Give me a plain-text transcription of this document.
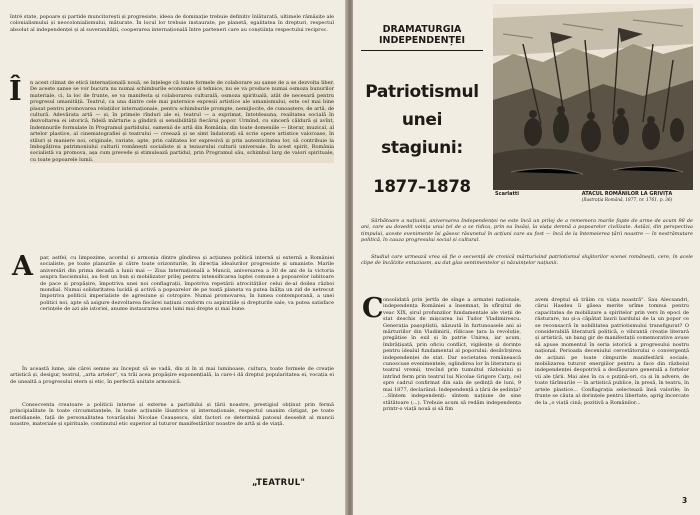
întré state, popoare și partide muncitorești și progresiste, ideea de dominație trebuie definitiv înlăturată, ultimele rămășițe ale colonialismului și neocolonialismului, măturate. În locul lor trebuie instaurate, pe planetă, egalitatea în drepturi, respectul absolut al independenței și al suveranității, cooperarea internațională între parteneri care au conștiința respectului reciproc.

Î n acest climat de etică internațională nouă, se înțelege că toate formele de colaborare au șanse de a se dezvolta liber. De aceste șanse se vor bucura nu numai schimburile economice și tehnice, nu se va produce numai osmoza bunurilor materiale, ci, la loc de frunte, se va manifesta și colaborarea culturală, osmoza spirituală, atât de necesară pentru progresul umanității. Teatrul, ca una dintre cele mai puternice expresii artistice ale umanismului, este cel mai bine plasat pentru promovarea relațiilor internaționale, pentru schimburile prompte, nemijlocite, de cunoaștere, de artă, de cultură. Adevărata artă — și, în primele rînduri ale ei, teatrul — a exprimat, întotdeauna, realitatea socială în dezvoltarea ei istorică, fidelă mărturie a gîndirii și sensibilității fiecărui popor. Urmînd, cu sinceră căldură și avînt, îndemnurile formulate în Programul partidului, oamenii de artă din România, din toate domeniile — literar, muzical, al artelor plastice, al cinematografiei și teatrului — creează și se simt îndatorați să scrie opere artistice valoroase, în stiluri și maniere noi, originale, variate, apte, prin calitatea lor expresivă și prin autenticitatea lor, să contribuie la îmbogățirea patrimoniului culturii românești socialiste și a tezaurului culturii universale. În acest spirit, România socialistă va promova, așa cum prevede și stimulează partidul, prin Programul său, schimbul larg de valori spirituale, cu toate popoarele lumii.

A par, astfel, cu limpezime, acordul și armonia dintre gîndirea și acțiunea politică internă și externă a României socialiste, pe toate planurile și către toate orizonturile, în direcția idealurilor progresiste și umaniste. Marile aniversări din prima decadă a lunii mai — Ziua Internațională a Muncii, aniversarea a 30 de ani de la victoria asupra fascismului, au fost un bun și mobilizator prilej pentru intensificarea luptei comune a popoarelor iubitoare de pace și propășire, împotriva unei noi conflagrații, împotriva repetării atrocităților celui de-al doilea război mondial. Numai solidaritatea lucidă și activă a popoarelor de pe toată planeta va putea înălța un zid de netrecut împotriva politicii imperialiste de agresiune și cotropire. Numai promovarea, în lumea contemporană, a unei politici noi, apte să asigure dezvoltarea fiecărei națiuni conform cu aspirațiile și drepturile sale, va putea satisface cerințele de azi ale istoriei, anume instaurarea unei lumi mai drepte și mai bune.

În această lume, ale cărei semne au început să se vadă, din zi în zi mai luminoase, cultura, toate formele de creație artistică și, desigur, teatrul, „arta artelor", va trăi acea propășire exponențială, la care-i dă dreptul popularitatea ei, vocația ei de unealtă a progresului etern și etic, în perfectă unitate armonică.

Consecventa creatoare a politicii interne și externe a partidului și țării noastre, prestigiul obținut prin fermă principialitate în toate circumstanțele, în toate acțiunile lăuntrice și internaționale, respectul unanim cîștigat, pe toate meridianele, față de personalitatea tovarășului Nicolae Ceaușescu, sînt factori ce determină patosul deosebit al muncii noastre, materiale și spirituale, continutul etic superior al tuturor manifestărilor noastre de artă și de viață.

„TEATRUL"
DRAMATURGIA
INDEPENDENȚEI

Patriotismul

unei

stagiuni:

1877–1878	Scarlatti	ATACUL ROMÂNILOR LA GRIVIȚA
(Ilustrația Română, 1877, nr. 1761, p. 36)

Sărbătoare a națiunii, aniversarea Independenței ne este încă un prilej de a rememora marile fapte de arme de acum 98 de ani, care au dovedit voința unui țel de a se ridica, prin ea însăși, la viața demnă a popoarelor civilizate. Astăzi, din perspectiva timpului, aceste evenimente își găsesc răsunetul în acțiuni care au fost — încă de la întemeierea țării noastre — în nestrămutare politică, în cauza progresului social și cultural.

Studiul care urmează vrea să fie o secvență de cronică mărturisind patriotismul slujitorilor scenei românești, cere, în acele clipe de încălzite entuziasm, au dat glas sentimentelor și năzuințelor națiunii.

C onsolidată prin jertfa de sînge a armatei naționale, independența României a însemnat, în sfîrșitul de veac XIX, șirul profunzilor fundamentale ale vieții de stat deschis de mișcarea lui Tudor Vladimirescu. Generația pașoptiștii, năzuută în furtunoasele ani ai mărturiilor din Vladimirii, rîdicase țara la revoluție, pregătise în exil și în patrie Unirea, iar acum, îmbrățișată, prin oficiu conflict, vigilențe și dorințe pentru idealul fundamental al poporului: desăvîrșirea independenței de stat. Dar societatea românească cunoscuse evenimentele, oglindirea lor în literatura și teatrul vremii, trecînd prin tumultul războiului și intrînd ferm prin teatrul lui Nicolae Grigore Carp, cel spre cadrul confirmat din sala de ședință de luni, 9 mai 1877, declarând: Independență a țării de ședința? ...Sîntem independenți: sîntem națiune de sine stătătoare (...). Trebuie acum să redăm independența printr-o viață nouă și să fim

avem dreptul să trăim cu viața noastră". Sau Alecsandri, cărui Hasdeu îi găsea merite urîme tomnui pentru capacitatea de mobilizare a spiritelor prin vers în epoci de răsturare, nu și-a căpătat laurii bardului de la un popor ce se reconsacră în nobilitatea patriotismului transfigurat? O considerabilă literatură politică, o vibrantă creație literară și artistică, un bang gir de manifestații comemorative avuse să apuse momentul în seria istorică a progresului nostru național. Perioada deceniului cercetătorului o convergență de acțiuni pe toate cîmpurile manifestării sociale, mobilizarea tuturor energiilor pentru a face din războiul independenței deopotrivă a desfășurare generală a forțelor vii ale țării. Mai ales în ca o puțină-ori, ca și în advere, de toate tărîmurile — în artistică publice, în presă, în teatru, în artele plastice... Conflagrația selectează însă valorile; în frunte se căuta al dorințele pentru libertate, aprig încercate de la „o viață cină; pozitivă a Românilor...

3
